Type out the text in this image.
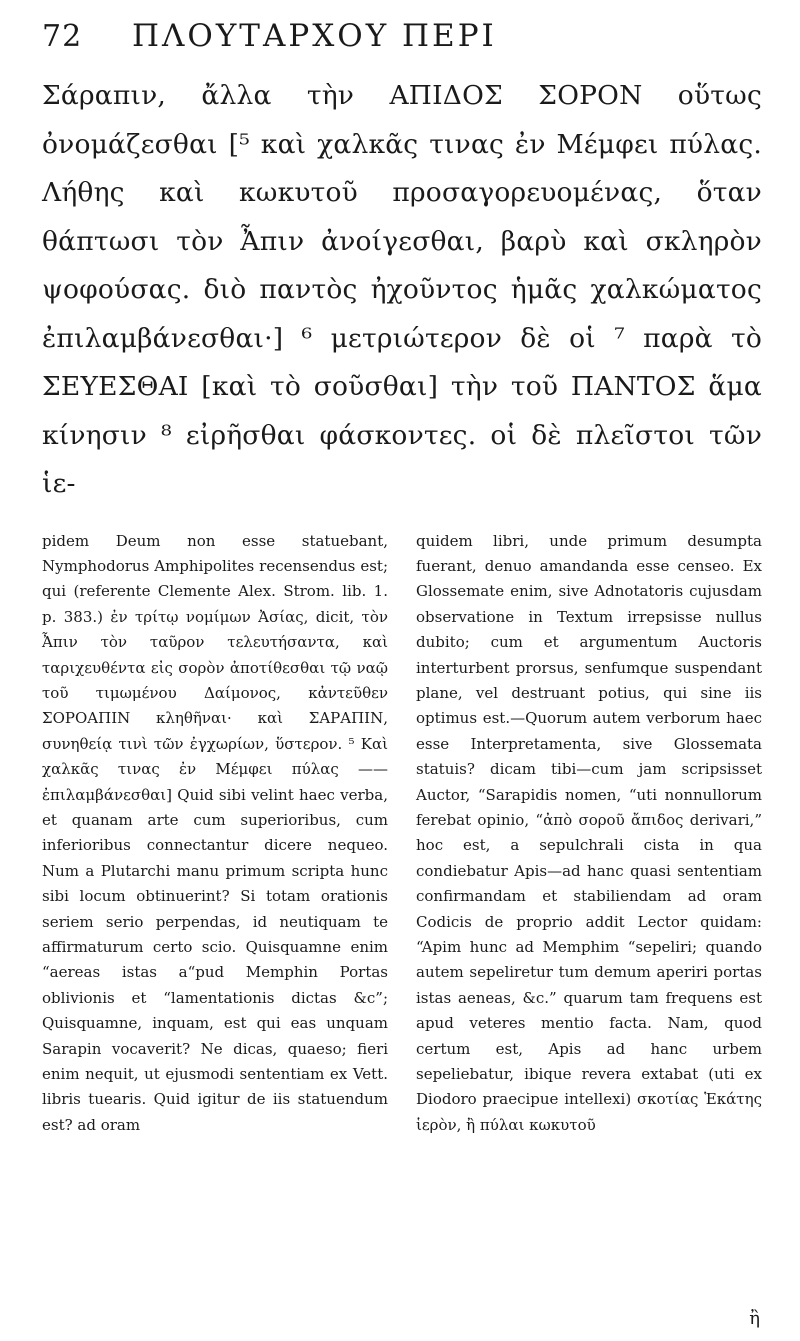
72	ΠΛΟΥΤΑΡΧΟΥ ΠΕΡΙ

Σάραπιν, ἄλλα τὴν ΑΠΙΔΟΣ ΣΟΡΟΝ οὕτως ὀνομάζεσθαι [⁵ καὶ χαλκᾶς τινας ἐν Μέμφει πύλας. Λήθης καὶ κωκυτοῦ προσαγορευομένας, ὅταν θάπτωσι τὸν Ἆπιν ἀνοίγεσθαι, βαρὺ καὶ σκληρὸν ψοφούσας. διὸ παντὸς ἠχοῦντος ἡμᾶς χαλκώματος ἐπιλαμβάνεσθαι·] ⁶ μετριώτερον δὲ οἱ ⁷ παρὰ τὸ ΣΕΥΕΣΘΑΙ [καὶ τὸ σοῦσθαι] τὴν τοῦ ΠΑΝΤΟΣ ἅμα κίνησιν ⁸ εἰρῆσθαι φάσκοντες. οἱ δὲ πλεῖστοι τῶν ἱε-

pidem Deum non esse statuebant, Nymphodorus Amphipolites recensendus est; qui (referente Clemente Alex. Strom. lib. 1. p. 383.) ἐν τρίτῳ νομίμων Ἀσίας, dicit, τὸν Ἆπιν τὸν ταῦρον τελευτήσαντα, καὶ ταριχευθέντα εἰς σορὸν ἀποτίθεσθαι τῷ ναῷ τοῦ τιμωμένου Δαίμονος, κἀντεῦθεν ΣΟΡΟΑΠΙΝ κληθῆναι· καὶ ΣΑΡΑΠΙΝ, συνηθείᾳ τινὶ τῶν ἐγχωρίων, ὕστερον. ⁵ Καὶ χαλκᾶς τινας ἐν Μέμφει πύλας —— ἐπιλαμβάνεσθαι] Quid sibi velint haec verba, et quanam arte cum superioribus, cum inferioribus connectantur dicere nequeo. Num a Plutarchi manu primum scripta hunc sibi locum obtinuerint? Si totam orationis seriem serio perpendas, id neutiquam te affirmaturum certo scio. Quisquamne enim “aereas istas a“pud Memphin Portas oblivionis et “lamentationis dictas &c”; Quisquamne, inquam, est qui eas unquam Sarapin vocaverit? Ne dicas, quaeso; fieri enim nequit, ut ejusmodi sententiam ex Vett. libris tuearis. Quid igitur de iis statuendum est? ad oram

quidem libri, unde primum desumpta fuerant, denuo amandanda esse censeo. Ex Glossemate enim, sive Adnotatoris cujusdam observatione in Textum irrepsisse nullus dubito; cum et argumentum Auctoris interturbent prorsus, senfumque suspendant plane, vel destruant potius, qui sine iis optimus est.—Quorum autem verborum haec esse Interpretamenta, sive Glossemata statuis? dicam tibi—cum jam scripsisset Auctor, “Sarapidis nomen, “uti nonnullorum ferebat opinio, “ἀπὸ σοροῦ ἄπιδος derivari,” hoc est, a sepulchrali cista in qua condiebatur Apis—ad hanc quasi sententiam confirmandam et stabiliendam ad oram Codicis de proprio addit Lector quidam: “Apim hunc ad Memphim “sepeliri; quando autem sepeliretur tum demum aperiri portas istas aeneas, &c.” quarum tam frequens est apud veteres mentio facta. Nam, quod certum est, Apis ad hanc urbem sepeliebatur, ibique revera extabat (uti ex Diodoro praecipue intellexi) σκοτίας Ἑκάτης ἱερὸν, ἢ πύλαι κωκυτοῦ

ἢ
